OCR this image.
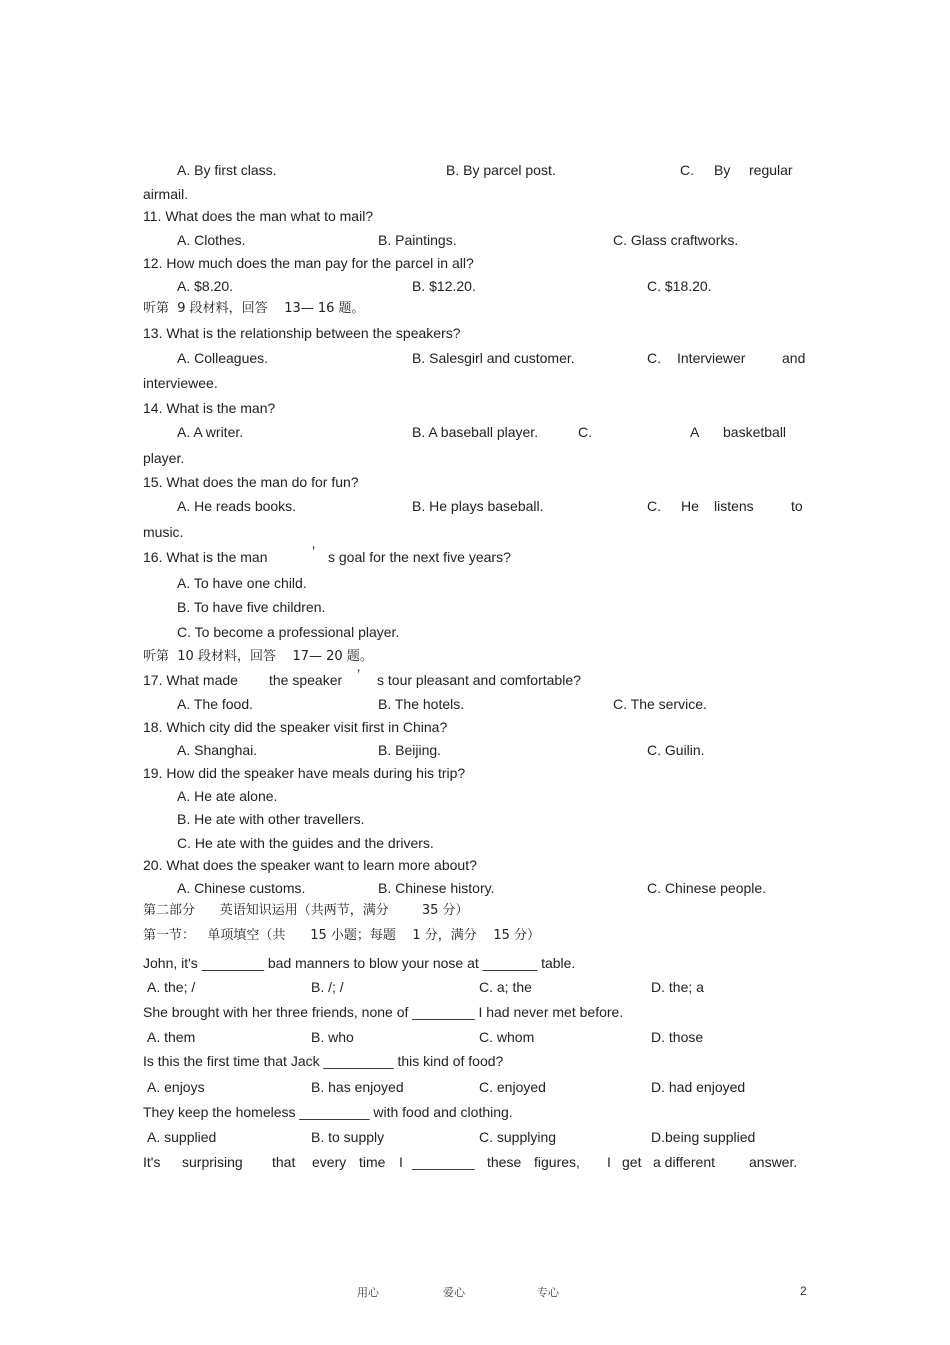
A. By first class.	B. By parcel post.	C. By regular
airmail.
11. What does the man what to mail?
A. Clothes.	B. Paintings.	C. Glass craftworks.
12. How much does the man pay for the parcel in all?
A. $8.20.	B. $12.20.	C. $18.20.
听第  9 段材料，回答    13— 16 题。
13. What is the relationship between the speakers?
A. Colleagues.	B. Salesgirl and customer.	C. Interviewer	and
interviewee.
14. What is the man?
A. A writer.	B. A baseball player.	C.	A basketball
player.
15. What does the man do for fun?
A. He reads books.	B. He plays baseball.	C. He listens	to
music.
16. What is the man	’ s goal for the next five years?
A. To have one child.
B. To have five children.
C. To become a professional player.
听第  10 段材料，回答    17— 20 题。
17. What made the speaker ’ s tour pleasant and comfortable?
A. The food.	B. The hotels.	C. The service.
18. Which city did the speaker visit first in China?
A. Shanghai.	B. Beijing.	C. Guilin.
19. How did the speaker have meals during his trip?
A. He ate alone.
B. He ate with other travellers.
C. He ate with the guides and the drivers.
20. What does the speaker want to learn more about?
A. Chinese customs.	B. Chinese history.	C. Chinese people.
第二部分      英语知识运用（共两节，满分        35 分）
第一节：   单项填空（共      15 小题；每题    1 分，满分    15 分）
John, it's ________ bad manners to blow your nose at _______ table.
A. the; /	B. /; /	C. a; the	D. the; a
She brought with her three friends, none of ________ I had never met before.
A. them	B. who	C. whom	D. those
Is this the first time that Jack _________ this kind of food?
A. enjoys	B. has enjoyed	C. enjoyed	D. had enjoyed
They keep the homeless _________ with food and clothing.
A. supplied	B. to supply	C. supplying	D.being supplied
It's surprising that every time I ________ these figures, I get a different answer.
用心	爱心	专心	2
